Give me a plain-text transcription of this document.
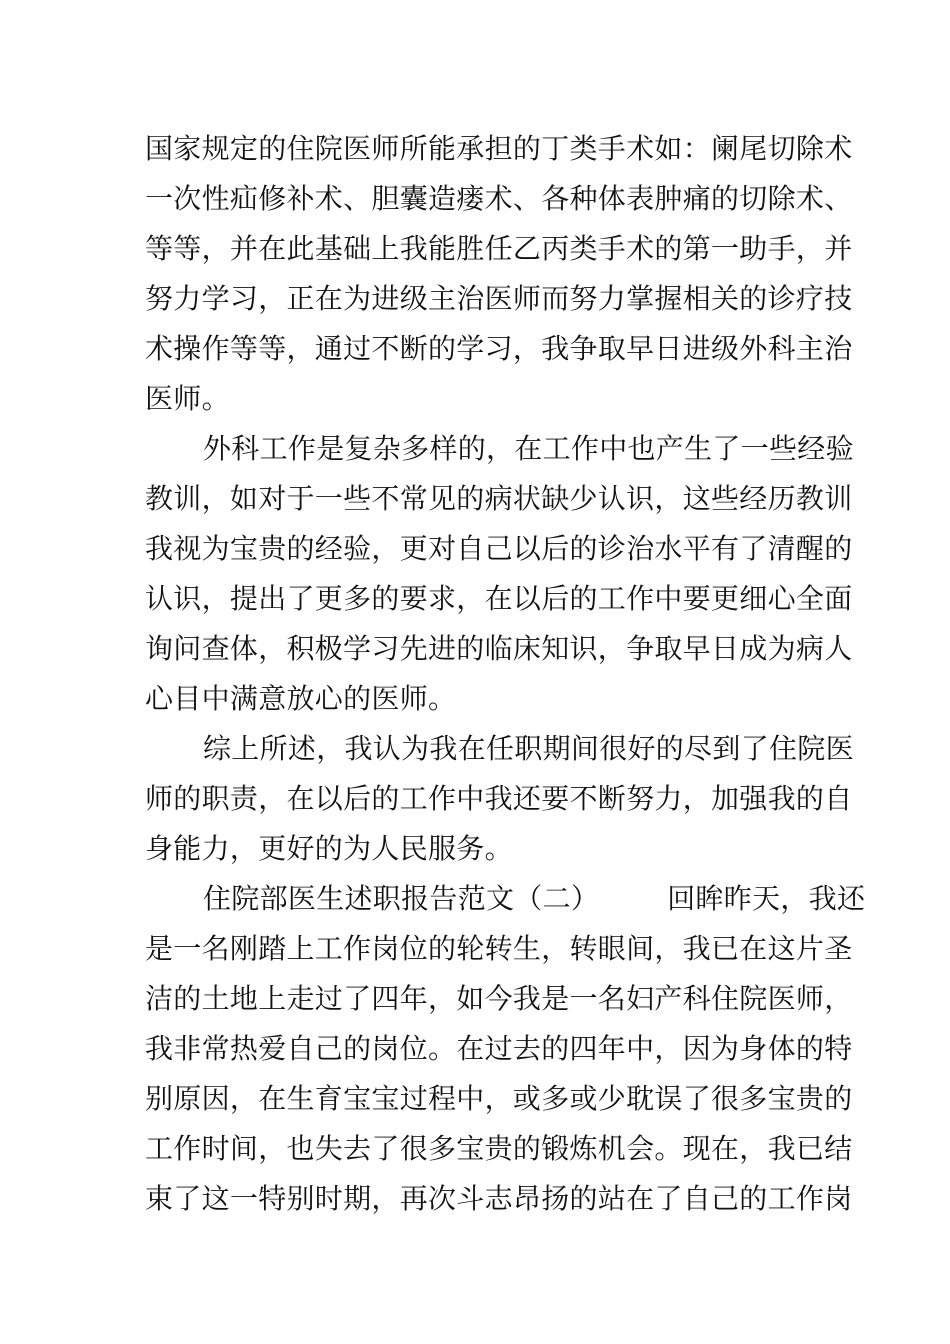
国家规定的住院医师所能承担的丁类手术如：阑尾切除术
一次性疝修补术、胆囊造瘘术、各种体表肿痛的切除术、
等等，并在此基础上我能胜任乙丙类手术的第一助手，并
努力学习，正在为进级主治医师而努力掌握相关的诊疗技
术操作等等，通过不断的学习，我争取早日进级外科主治
医师。
外科工作是复杂多样的，在工作中也产生了一些经验
教训，如对于一些不常见的病状缺少认识，这些经历教训
我视为宝贵的经验，更对自己以后的诊治水平有了清醒的
认识，提出了更多的要求，在以后的工作中要更细心全面
询问查体，积极学习先进的临床知识，争取早日成为病人
心目中满意放心的医师。
综上所述，我认为我在任职期间很好的尽到了住院医
师的职责，在以后的工作中我还要不断努力，加强我的自
身能力，更好的为人民服务。
住院部医生述职报告范文（二） 回眸昨天，我还
是一名刚踏上工作岗位的轮转生，转眼间，我已在这片圣
洁的土地上走过了四年，如今我是一名妇产科住院医师，
我非常热爱自己的岗位。在过去的四年中，因为身体的特
别原因，在生育宝宝过程中，或多或少耽误了很多宝贵的
工作时间，也失去了很多宝贵的锻炼机会。现在，我已结
束了这一特别时期，再次斗志昂扬的站在了自己的工作岗
